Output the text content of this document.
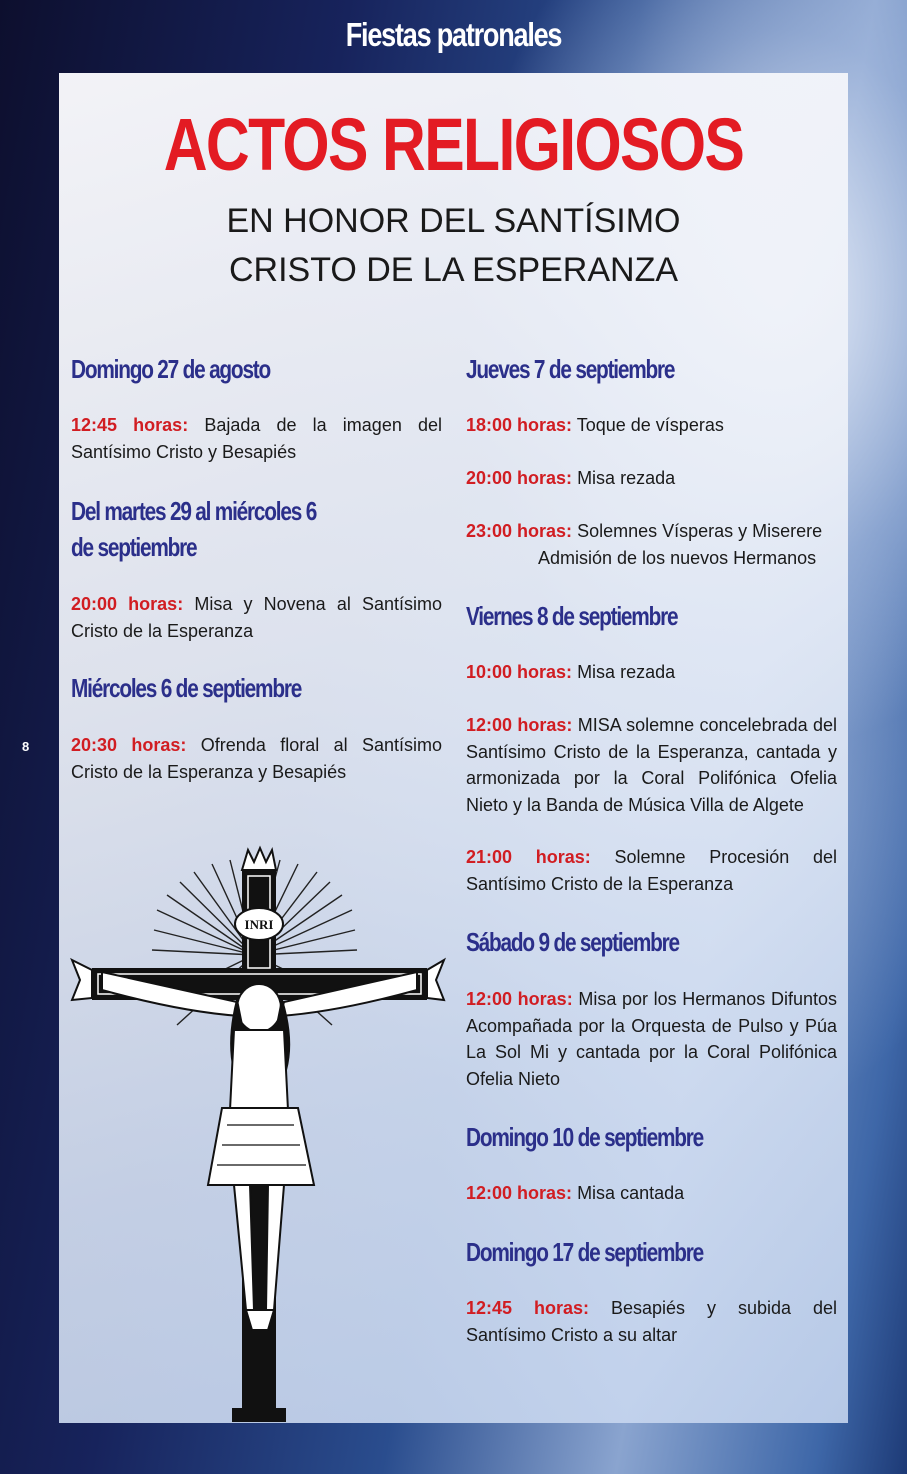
Fiestas patronales
8
ACTOS RELIGIOSOS
EN HONOR DEL SANTÍSIMO
CRISTO DE LA ESPERANZA
Domingo 27 de agosto
12:45 horas: Bajada de la imagen del Santísimo Cristo y Besapiés
Del martes 29 al miércoles 6
de septiembre
20:00 horas: Misa y Novena al Santísimo Cristo de la Esperanza
Miércoles 6 de septiembre
20:30 horas: Ofrenda floral al Santísimo Cristo de la Esperanza y Besapiés
Jueves 7 de septiembre
18:00 horas: Toque de vísperas
20:00 horas: Misa rezada
23:00 horas: Solemnes Vísperas y Miserere
Admisión de los nuevos Hermanos
Viernes 8 de septiembre
10:00 horas: Misa rezada
12:00 horas: MISA solemne concelebrada del Santísimo Cristo de la Esperanza, cantada y armonizada por la Coral Polifónica Ofelia Nieto y la Banda de Música Villa de Algete
21:00 horas: Solemne Procesión del Santísimo Cristo de la Esperanza
Sábado 9 de septiembre
12:00 horas: Misa por los Hermanos Difuntos Acompañada por la Orquesta de Pulso y Púa La Sol Mi y cantada por la Coral Polifónica Ofelia Nieto
Domingo 10 de septiembre
12:00 horas: Misa cantada
Domingo 17 de septiembre
12:45 horas: Besapiés y subida del Santísimo Cristo a su altar
INRI
